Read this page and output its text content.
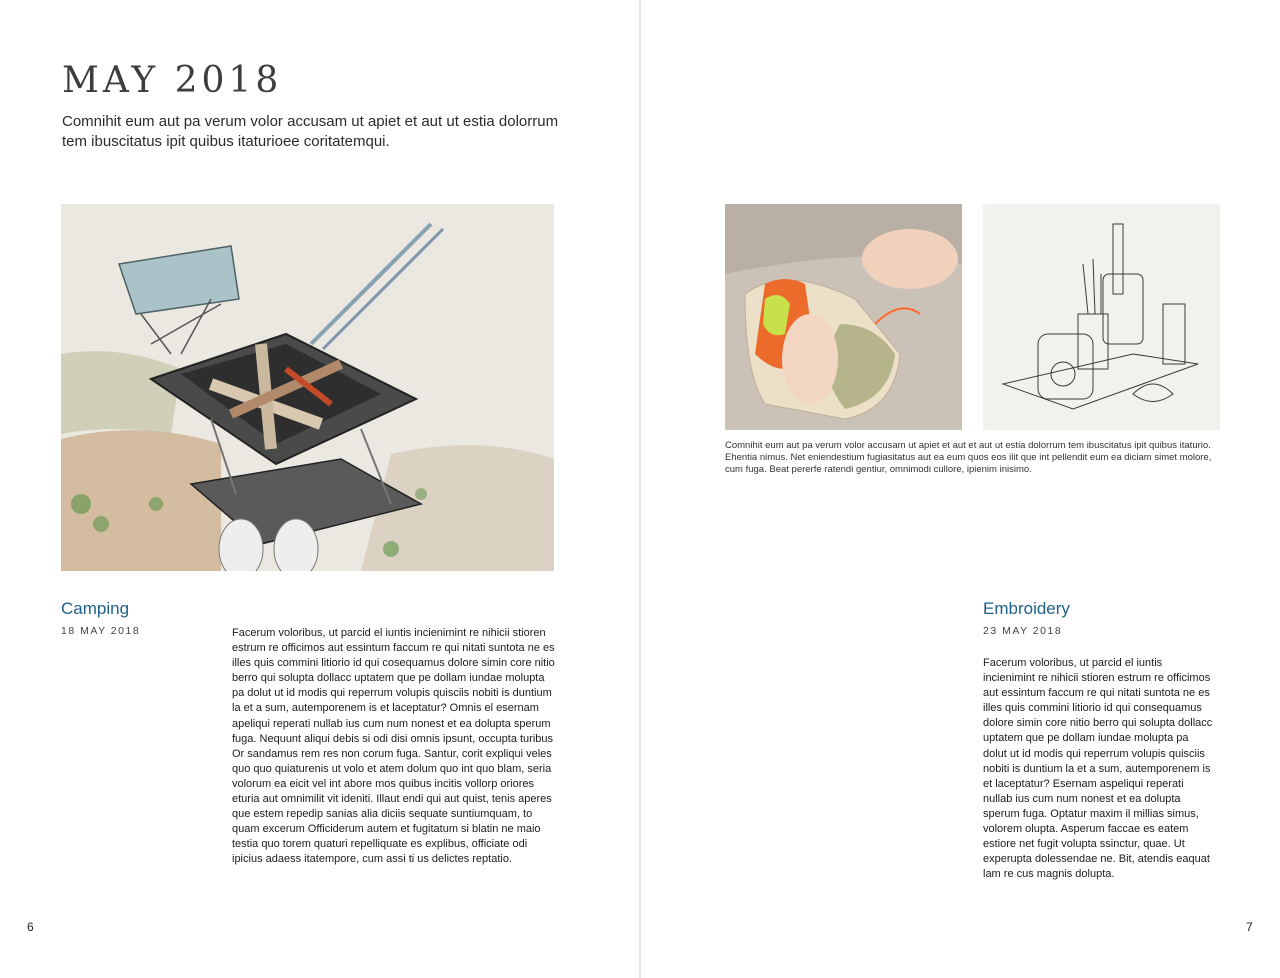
MAY 2018

Comnihit eum aut pa verum volor accusam ut apiet et aut ut estia dolorrum tem ibuscitatus ipit quibus itaturioee coritatemqui.

Camping

18 MAY 2018	Facerum voloribus, ut parcid el iuntis incienimint re nihicii stioren estrum re officimos aut essintum faccum re qui nitati suntota ne es illes quis commini litiorio id qui cosequamus dolore simin core nitio berro qui solupta dollacc uptatem que pe dollam iundae molupta pa dolut ut id modis qui reperrum volupis quisciis nobiti is duntium la et a sum, autemporenem is et laceptatur? Omnis el esernam apeliqui reperati nullab ius cum num nonest et ea dolupta sperum fuga. Nequunt aliqui debis si odi disi omnis ipsunt, occupta turibus Or sandamus rem res non corum fuga. Santur, corit expliqui veles quo quo quiaturenis ut volo et atem dolum quo int quo blam, seria volorum ea eicit vel int abore mos quibus incitis vollorp oriores eturia aut omnimilit vit ideniti. Illaut endi qui aut quist, tenis aperes que estem repedip sanias alia diciis sequate suntiumquam, to quam excerum Officiderum autem et fugitatum si blatin ne maio testia quo torem quaturi repelliquate es explibus, officiate odi ipicius adaess itatempore, cum assi ti us delictes reptatio.

6

Comnihit eum aut pa verum volor accusam ut apiet et aut et aut ut estia dolorrum tem ibuscitatus ipit quibus itaturio. Ehentia nimus. Net eniendestium fugiasitatus aut ea eum quos eos ilit que int pellendit eum ea diciam simet molore, cum fuga. Beat pererfe ratendi gentiur, omnimodi cullore, ipienim inisimo.

Embroidery

23 MAY 2018

Facerum voloribus, ut parcid el iuntis incienimint re nihicii stioren estrum re officimos aut essintum faccum re qui nitati suntota ne es illes quis commini litiorio id qui consequamus dolore simin core nitio berro qui solupta dollacc uptatem que pe dollam iundae molupta pa dolut ut id modis qui reperrum volupis quisciis nobiti is duntium la et a sum, autemporenem is et laceptatur? Esernam aspeliqui reperati nullab ius cum num nonest et ea dolupta sperum fuga. Optatur maxim il millias simus, volorem olupta. Asperum faccae es eatem estiore net fugit volupta ssinctur, quae. Ut experupta dolessendae ne. Bit, atendis eaquat lam re cus magnis dolupta.

7
